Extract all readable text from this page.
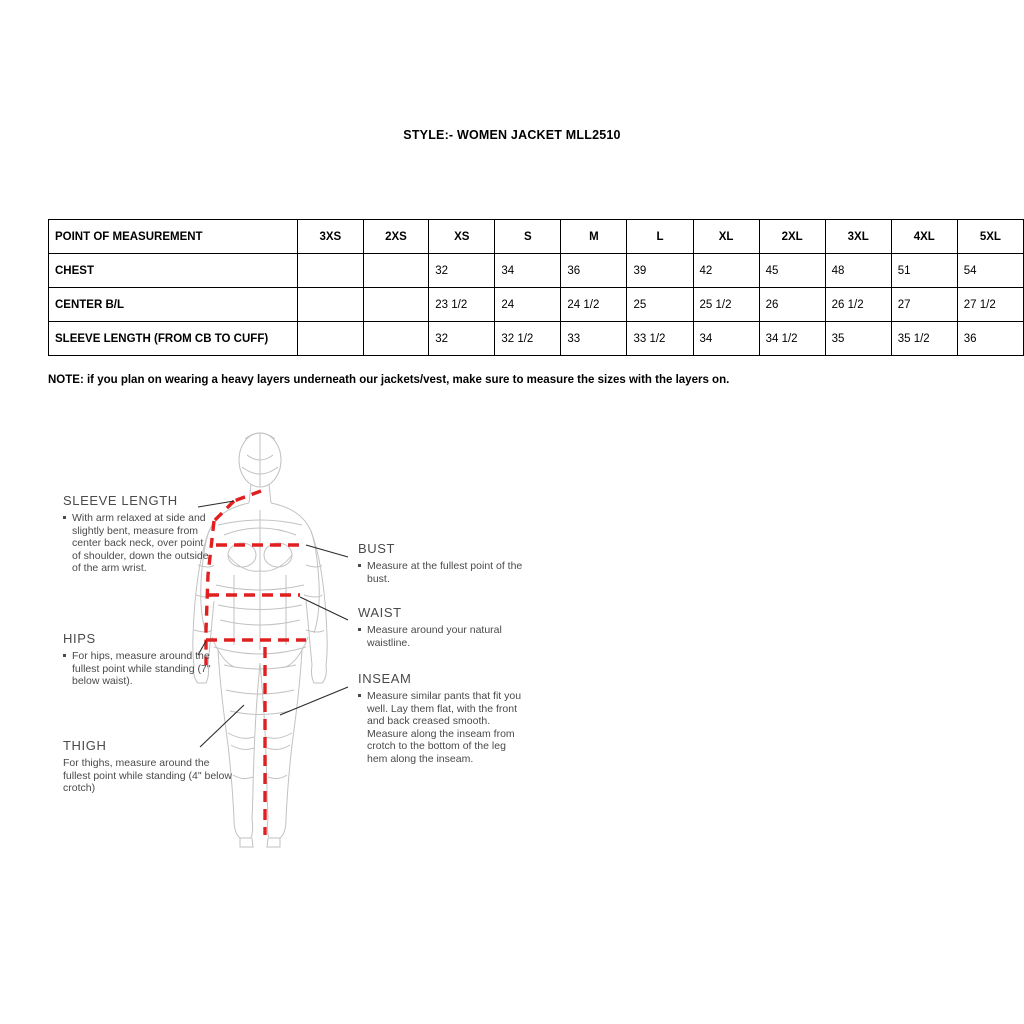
STYLE:- WOMEN JACKET MLL2510
POINT OF MEASUREMENT	3XS	2XS	XS	S	M	L	XL	2XL	3XL	4XL	5XL
CHEST			32	34	36	39	42	45	48	51	54
CENTER B/L			23 1/2	24	24 1/2	25	25 1/2	26	26 1/2	27	27 1/2
SLEEVE LENGTH (FROM CB TO CUFF)			32	32 1/2	33	33 1/2	34	34 1/2	35	35 1/2	36
NOTE: if you plan on wearing a heavy layers underneath our jackets/vest, make sure to measure the sizes with the layers on.
SLEEVE LENGTH
With arm relaxed at side and slightly bent, measure from center back neck, over point of shoulder, down the outside of the arm wrist.
HIPS
For hips, measure around the fullest point while standing (7" below waist).
THIGH
For thighs, measure around the fullest point while standing (4" below crotch)
BUST
Measure at the fullest point of the bust.
WAIST
Measure around your natural waistline.
INSEAM
Measure similar pants that fit you well. Lay them flat, with the front and back creased smooth. Measure along the inseam from crotch to the bottom of the leg hem along the inseam.
